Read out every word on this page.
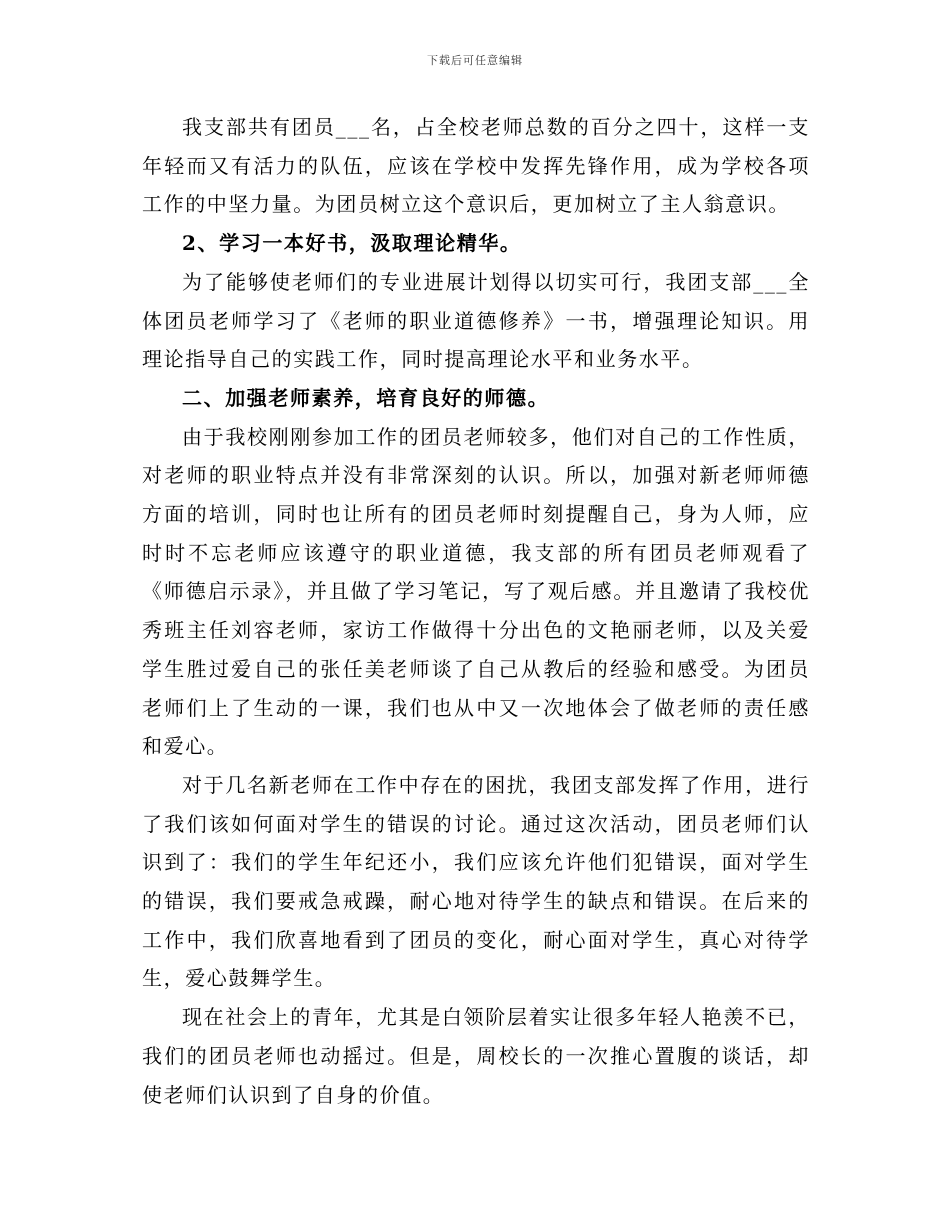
下载后可任意编辑

我支部共有团员___名，占全校老师总数的百分之四十，这样一支年轻而又有活力的队伍，应该在学校中发挥先锋作用，成为学校各项工作的中坚力量。为团员树立这个意识后，更加树立了主人翁意识。

2、学习一本好书，汲取理论精华。

为了能够使老师们的专业进展计划得以切实可行，我团支部___全体团员老师学习了《老师的职业道德修养》一书，增强理论知识。用理论指导自己的实践工作，同时提高理论水平和业务水平。

二、加强老师素养，培育良好的师德。

由于我校刚刚参加工作的团员老师较多，他们对自己的工作性质，对老师的职业特点并没有非常深刻的认识。所以，加强对新老师师德方面的培训，同时也让所有的团员老师时刻提醒自己，身为人师，应时时不忘老师应该遵守的职业道德，我支部的所有团员老师观看了《师德启示录》，并且做了学习笔记，写了观后感。并且邀请了我校优秀班主任刘容老师，家访工作做得十分出色的文艳丽老师，以及关爱学生胜过爱自己的张任美老师谈了自己从教后的经验和感受。为团员老师们上了生动的一课，我们也从中又一次地体会了做老师的责任感和爱心。

对于几名新老师在工作中存在的困扰，我团支部发挥了作用，进行了我们该如何面对学生的错误的讨论。通过这次活动，团员老师们认识到了：我们的学生年纪还小，我们应该允许他们犯错误，面对学生的错误，我们要戒急戒躁，耐心地对待学生的缺点和错误。在后来的工作中，我们欣喜地看到了团员的变化，耐心面对学生，真心对待学生，爱心鼓舞学生。

现在社会上的青年，尤其是白领阶层着实让很多年轻人艳羡不已，我们的团员老师也动摇过。但是，周校长的一次推心置腹的谈话，却使老师们认识到了自身的价值。
